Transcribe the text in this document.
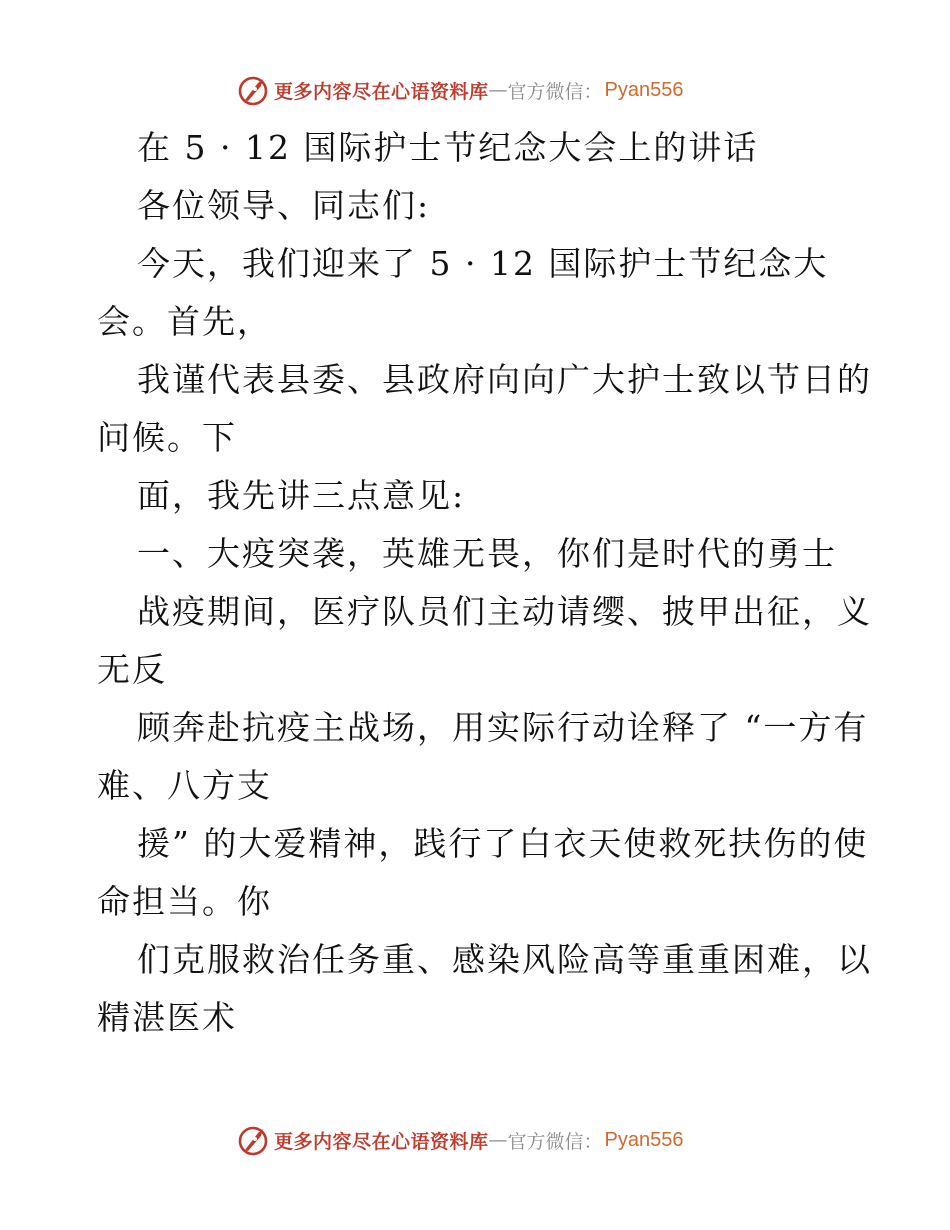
更多内容尽在心语资料库 — 官方微信： Pyan556
在 5 · 12 国际护士节纪念大会上的讲话
各位领导、同志们:
今天，我们迎来了 5 · 12 国际护士节纪念大
会。首先，
我谨代表县委、县政府向向广大护士致以节日的
问候。下
面，我先讲三点意见:
一、大疫突袭，英雄无畏，你们是时代的勇士
战疫期间，医疗队员们主动请缨、披甲出征，义
无反
顾奔赴抗疫主战场，用实际行动诠释了 “一方有
难、八方支
援” 的大爱精神，践行了白衣天使救死扶伤的使
命担当。你
们克服救治任务重、感染风险高等重重困难，以
精湛医术
更多内容尽在心语资料库 — 官方微信： Pyan556
